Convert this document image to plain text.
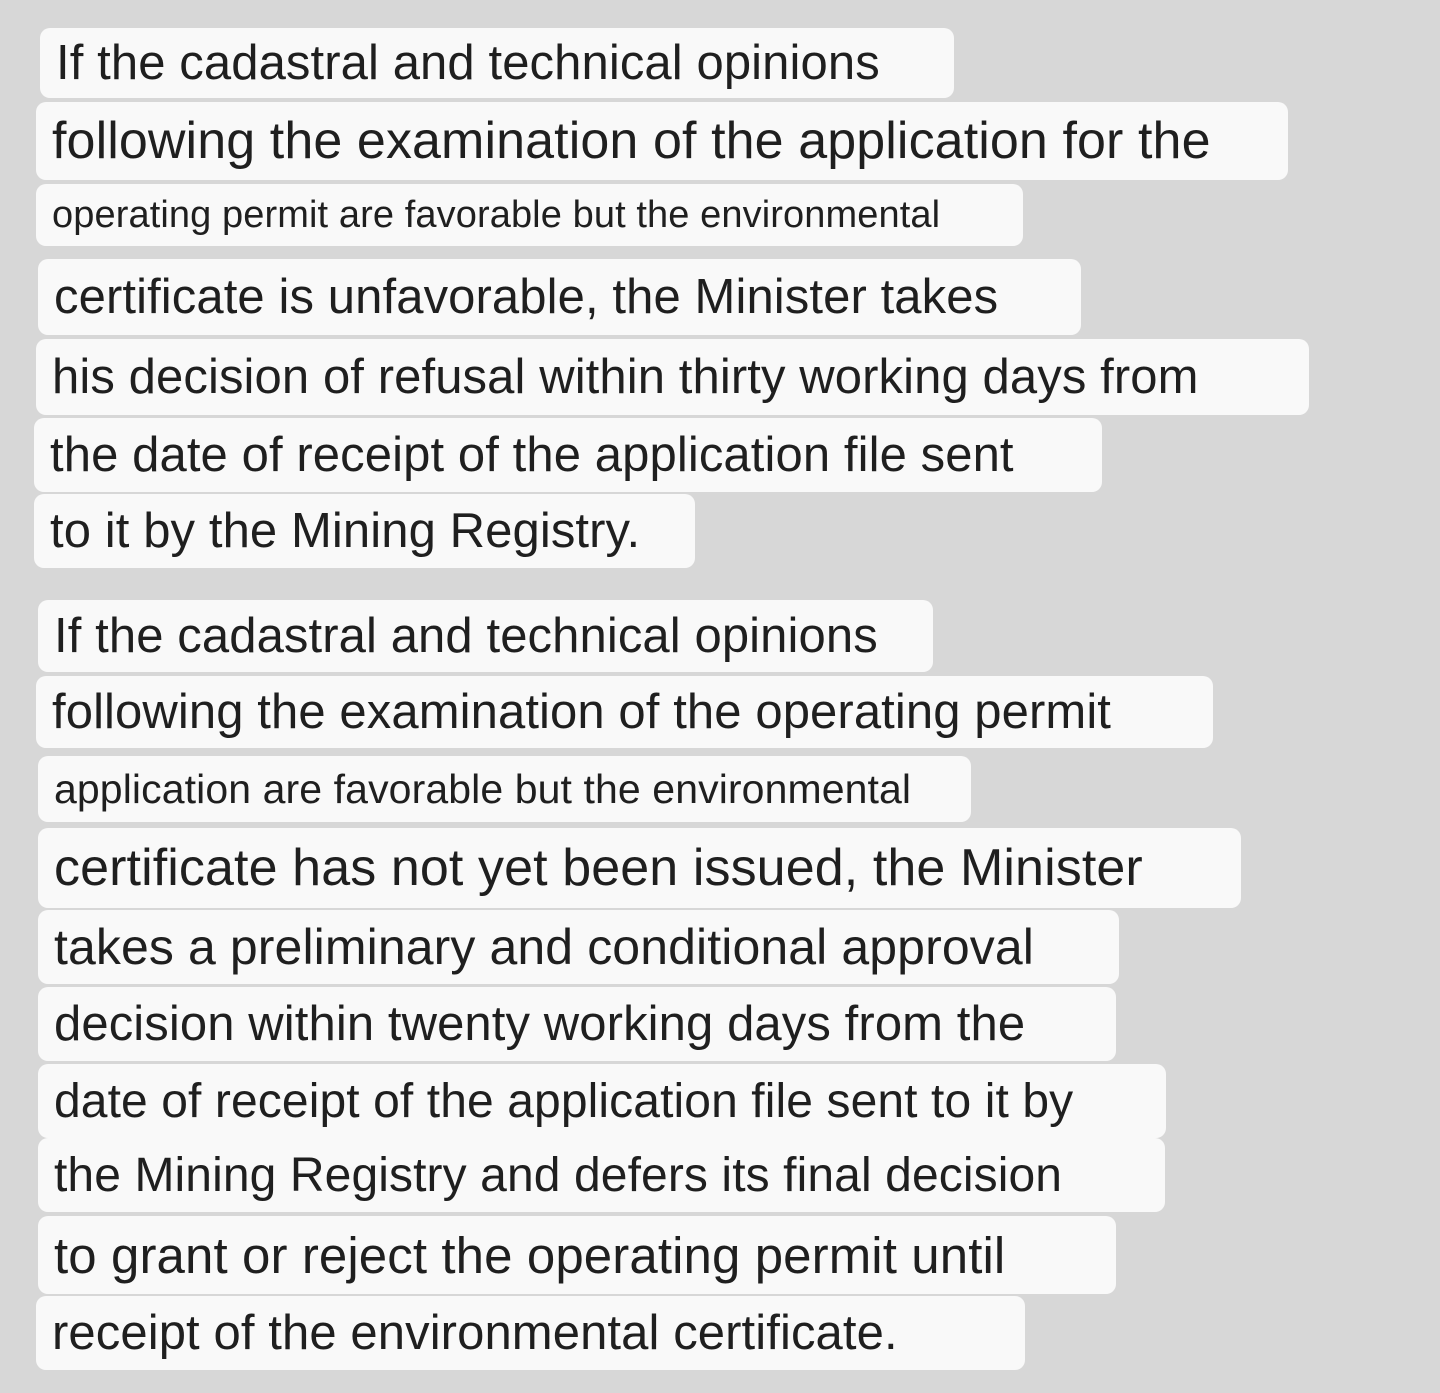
If the cadastral and technical opinions
following the examination of the application for the
operating permit are favorable but the environmental
certificate is unfavorable, the Minister takes
his decision of refusal within thirty working days from
the date of receipt of the application file sent
to it by the Mining Registry.
If the cadastral and technical opinions
following the examination of the operating permit
application are favorable but the environmental
certificate has not yet been issued, the Minister
takes a preliminary and conditional approval
decision within twenty working days from the
date of receipt of the application file sent to it by
the Mining Registry and defers its final decision
to grant or reject the operating permit until
receipt of the environmental certificate.
